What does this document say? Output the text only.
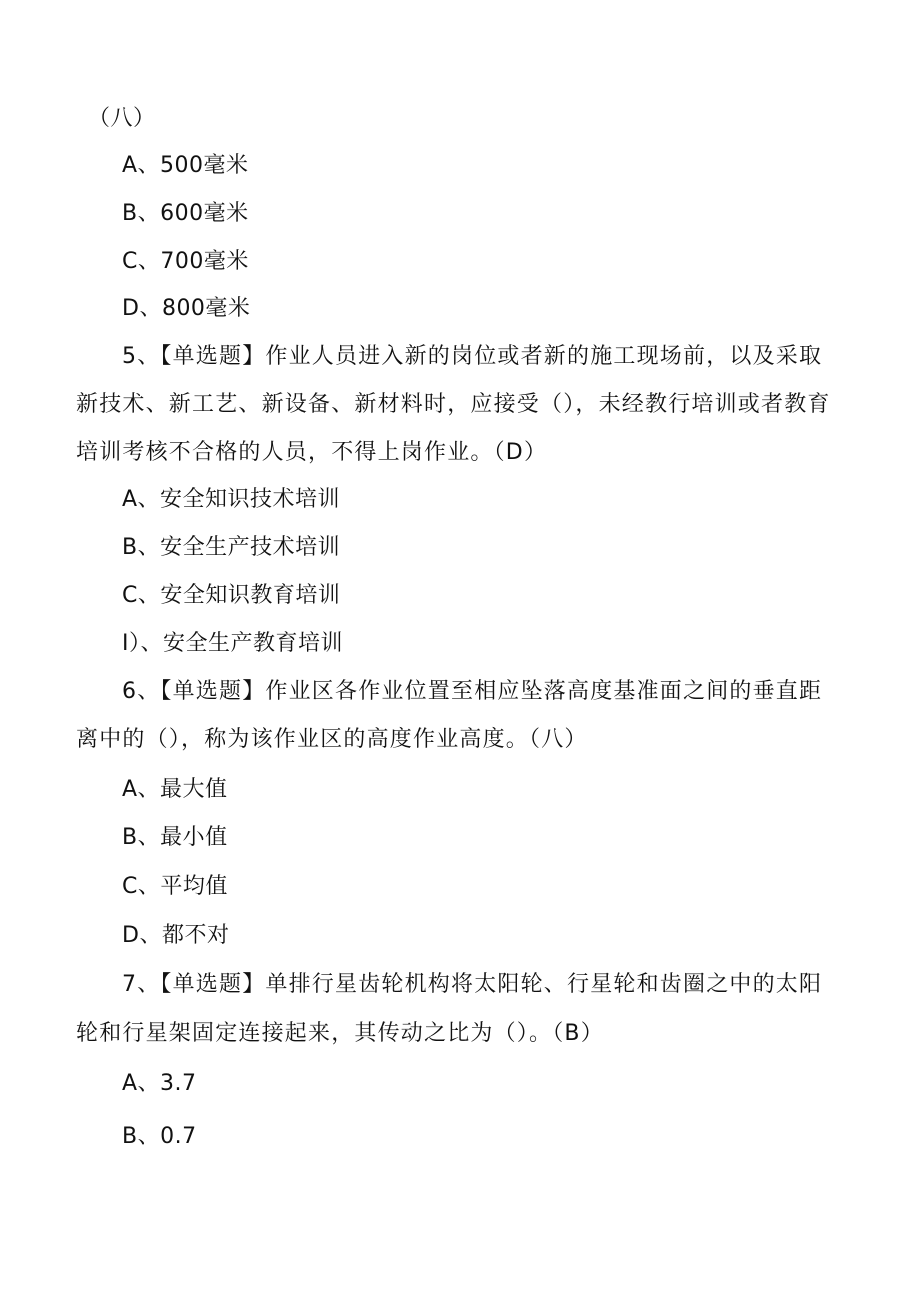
（八）
A、500毫米
B、600毫米
C、700毫米
D、800毫米
5、【单选题】作业人员进入新的岗位或者新的施工现场前，以及采取
新技术、新工艺、新设备、新材料时，应接受（），未经教行培训或者教育
培训考核不合格的人员，不得上岗作业。（D）
A、安全知识技术培训
B、安全生产技术培训
C、安全知识教育培训
I）、安全生产教育培训
6、【单选题】作业区各作业位置至相应坠落高度基准面之间的垂直距
离中的（），称为该作业区的高度作业高度。（八）
A、最大值
B、最小值
C、平均值
D、都不对
7、【单选题】单排行星齿轮机构将太阳轮、行星轮和齿圈之中的太阳
轮和行星架固定连接起来，其传动之比为（）。（B）
A、3.7
B、0.7
